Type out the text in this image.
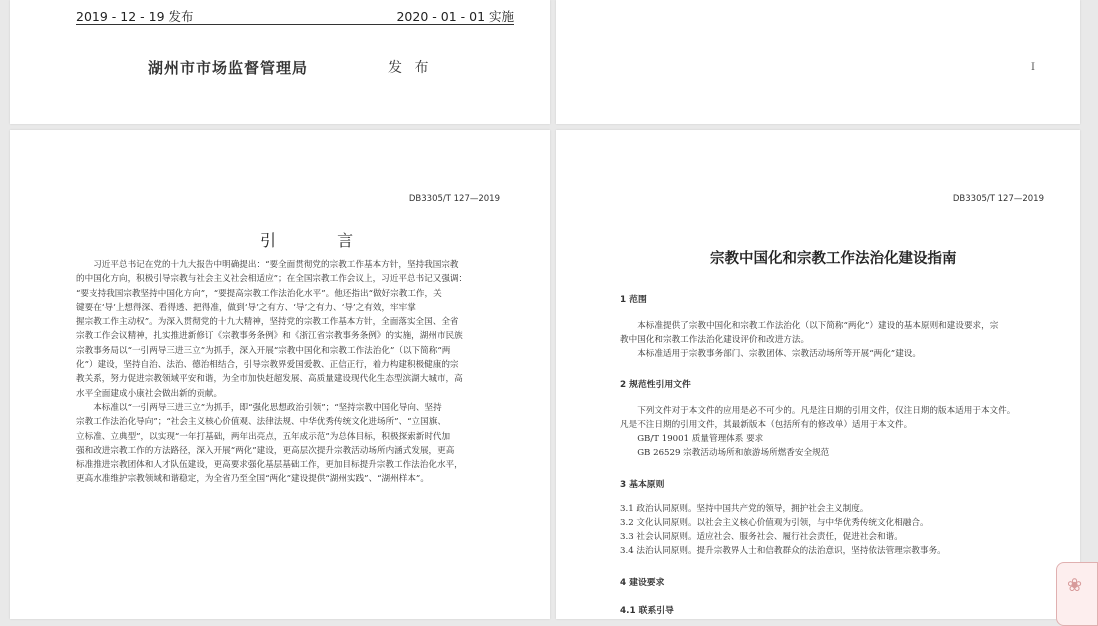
2019 - 12 - 19 发布	2020 - 01 - 01 实施
湖州市市场监督管理局	发 布	I
DB3305/T 127—2019
引 言
　　习近平总书记在党的十九大报告中明确提出：“要全面贯彻党的宗教工作基本方针，坚持我国宗教
的中国化方向，积极引导宗教与社会主义社会相适应”；在全国宗教工作会议上，习近平总书记又强调：
“要支持我国宗教坚持中国化方向”，“要提高宗教工作法治化水平”。他还指出“做好宗教工作，关
键要在‘导’上想得深、看得透、把得准，做到‘导’之有方、‘导’之有力、‘导’之有效，牢牢掌
握宗教工作主动权”。为深入贯彻党的十九大精神，坚持党的宗教工作基本方针，全面落实全国、全省
宗教工作会议精神，扎实推进新修订《宗教事务条例》和《浙江省宗教事务条例》的实施，湖州市民族
宗教事务局以“一引两导三进三立”为抓手，深入开展“宗教中国化和宗教工作法治化”（以下简称“两
化”）建设，坚持自治、法治、德治相结合，引导宗教界爱国爱教、正信正行，着力构建积极健康的宗
教关系，努力促进宗教领域平安和谐，为全市加快赶超发展、高质量建设现代化生态型滨湖大城市，高
水平全面建成小康社会做出新的贡献。
　　本标准以“一引两导三进三立”为抓手，即“强化思想政治引领”；“坚持宗教中国化导向、坚持
宗教工作法治化导向”；“社会主义核心价值观、法律法规、中华优秀传统文化进场所”、“立国旗、
立标准、立典型”，以实现“一年打基础，两年出亮点，五年成示范”为总体目标，积极探索新时代加
强和改进宗教工作的方法路径，深入开展“两化”建设，更高层次提升宗教活动场所内涵式发展，更高
标准推进宗教团体和人才队伍建设，更高要求强化基层基础工作，更加目标提升宗教工作法治化水平，
更高水准维护宗教领域和谐稳定，为全省乃至全国“两化”建设提供“湖州实践”、“湖州样本”。
DB3305/T 127—2019
宗教中国化和宗教工作法治化建设指南
1 范围
　　本标准提供了宗教中国化和宗教工作法治化（以下简称“两化”）建设的基本原则和建设要求，宗
教中国化和宗教工作法治化建设评价和改进方法。
　　本标准适用于宗教事务部门、宗教团体、宗教活动场所等开展“两化”建设。
2 规范性引用文件
　　下列文件对于本文件的应用是必不可少的。凡是注日期的引用文件，仅注日期的版本适用于本文件。
凡是不注日期的引用文件，其最新版本（包括所有的修改单）适用于本文件。
　　GB/T 19001 质量管理体系 要求
　　GB 26529 宗教活动场所和旅游场所燃香安全规范
3 基本原则
3.1 政治认同原则。坚持中国共产党的领导，拥护社会主义制度。
3.2 文化认同原则。以社会主义核心价值观为引领，与中华优秀传统文化相融合。
3.3 社会认同原则。适应社会、服务社会、履行社会责任，促进社会和谐。
3.4 法治认同原则。提升宗教界人士和信教群众的法治意识，坚持依法管理宗教事务。
4 建设要求
4.1 联系引导
❀
